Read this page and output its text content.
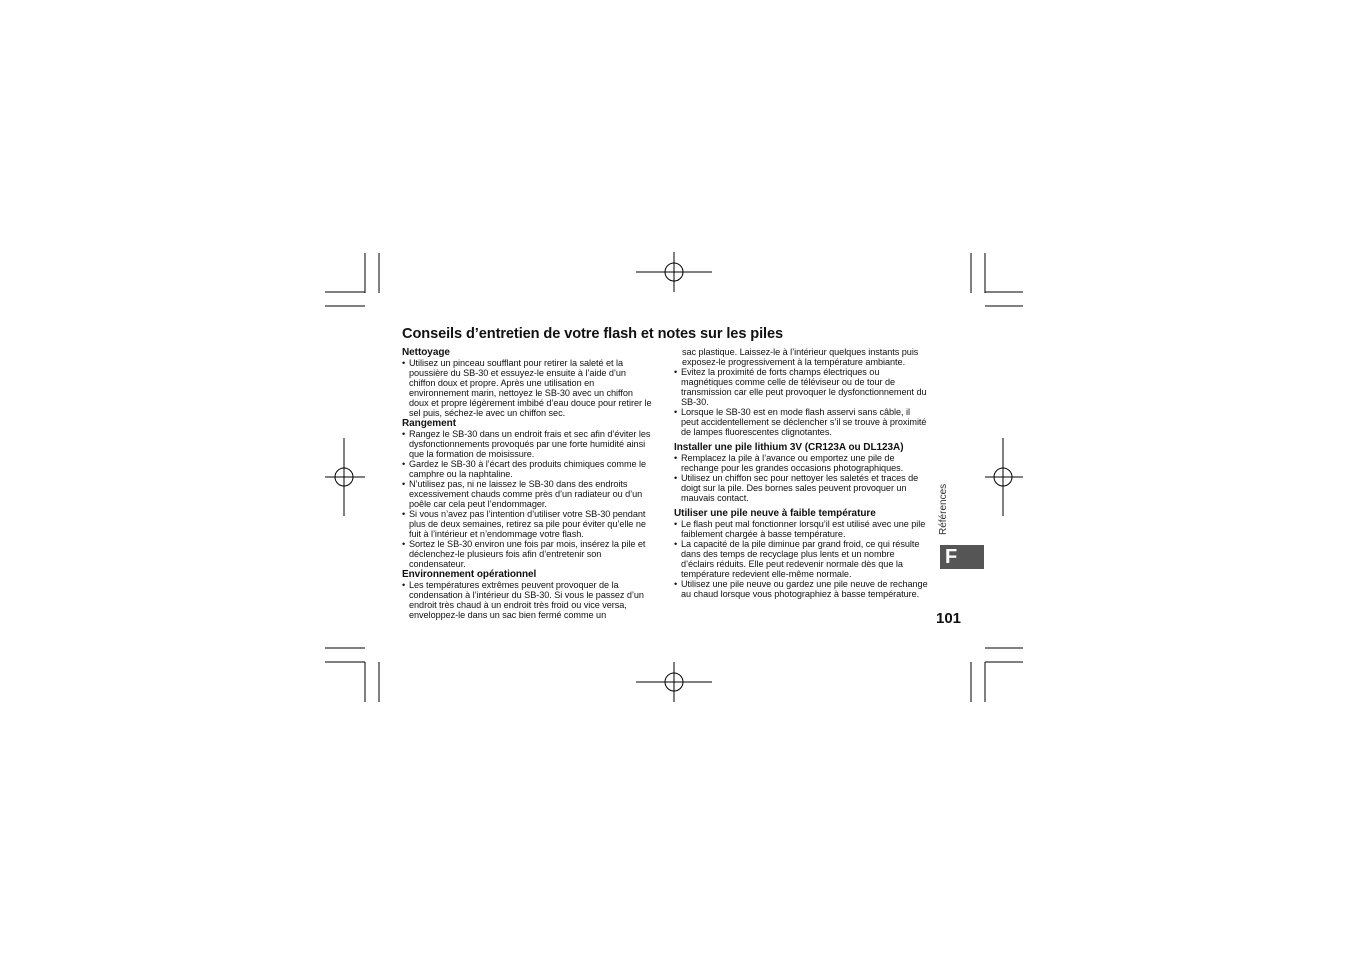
Conseils d’entretien de votre flash et notes sur les piles
Nettoyage
• Utilisez un pinceau soufflant pour retirer la saleté et la poussière du SB-30 et essuyez-le ensuite à l’aide d’un chiffon doux et propre. Après une utilisation en environnement marin, nettoyez le SB-30 avec un chiffon doux et propre légèrement imbibé d’eau douce pour retirer le sel puis, séchez-le avec un chiffon sec.
Rangement
• Rangez le SB-30 dans un endroit frais et sec afin d’éviter les dysfonctionnements provoqués par une forte humidité ainsi que la formation de moisissure.
• Gardez le SB-30 à l’écart des produits chimiques comme le camphre ou la naphtaline.
• N’utilisez pas, ni ne laissez le SB-30 dans des endroits excessivement chauds comme près d’un radiateur ou d’un poêle car cela peut l’endommager.
• Si vous n’avez pas l’intention d’utiliser votre SB-30 pendant plus de deux semaines, retirez sa pile pour éviter qu’elle ne fuit à l’intérieur et n’endommage votre flash.
• Sortez le SB-30 environ une fois par mois, insérez la pile et déclenchez-le plusieurs fois afin d’entretenir son condensateur.
Environnement opérationnel
• Les températures extrêmes peuvent provoquer de la condensation à l’intérieur du SB-30. Si vous le passez d’un endroit très chaud à un endroit très froid ou vice versa, enveloppez-le dans un sac bien fermé comme un
sac plastique. Laissez-le à l’intérieur quelques instants puis exposez-le progressivement à la température ambiante.
• Evitez la proximité de forts champs électriques ou magnétiques comme celle de téléviseur ou de tour de transmission car elle peut provoquer le dysfonctionnement du SB-30.
• Lorsque le SB-30 est en mode flash asservi sans câble, il peut accidentellement se déclencher s’il se trouve à proximité de lampes fluorescentes clignotantes.
Installer une pile lithium 3V (CR123A ou DL123A)
• Remplacez la pile à l’avance ou emportez une pile de rechange pour les grandes occasions photographiques.
• Utilisez un chiffon sec pour nettoyer les saletés et traces de doigt sur la pile. Des bornes sales peuvent provoquer un mauvais contact.
Utiliser une pile neuve à faible température
• Le flash peut mal fonctionner lorsqu’il est utilisé avec une pile faiblement chargée à basse température.
• La capacité de la pile diminue par grand froid, ce qui résulte dans des temps de recyclage plus lents et un nombre d’éclairs réduits. Elle peut redevenir normale dès que la température redevient elle-même normale.
• Utilisez une pile neuve ou gardez une pile neuve de rechange au chaud lorsque vous photographiez à basse température.
Références
F
101
